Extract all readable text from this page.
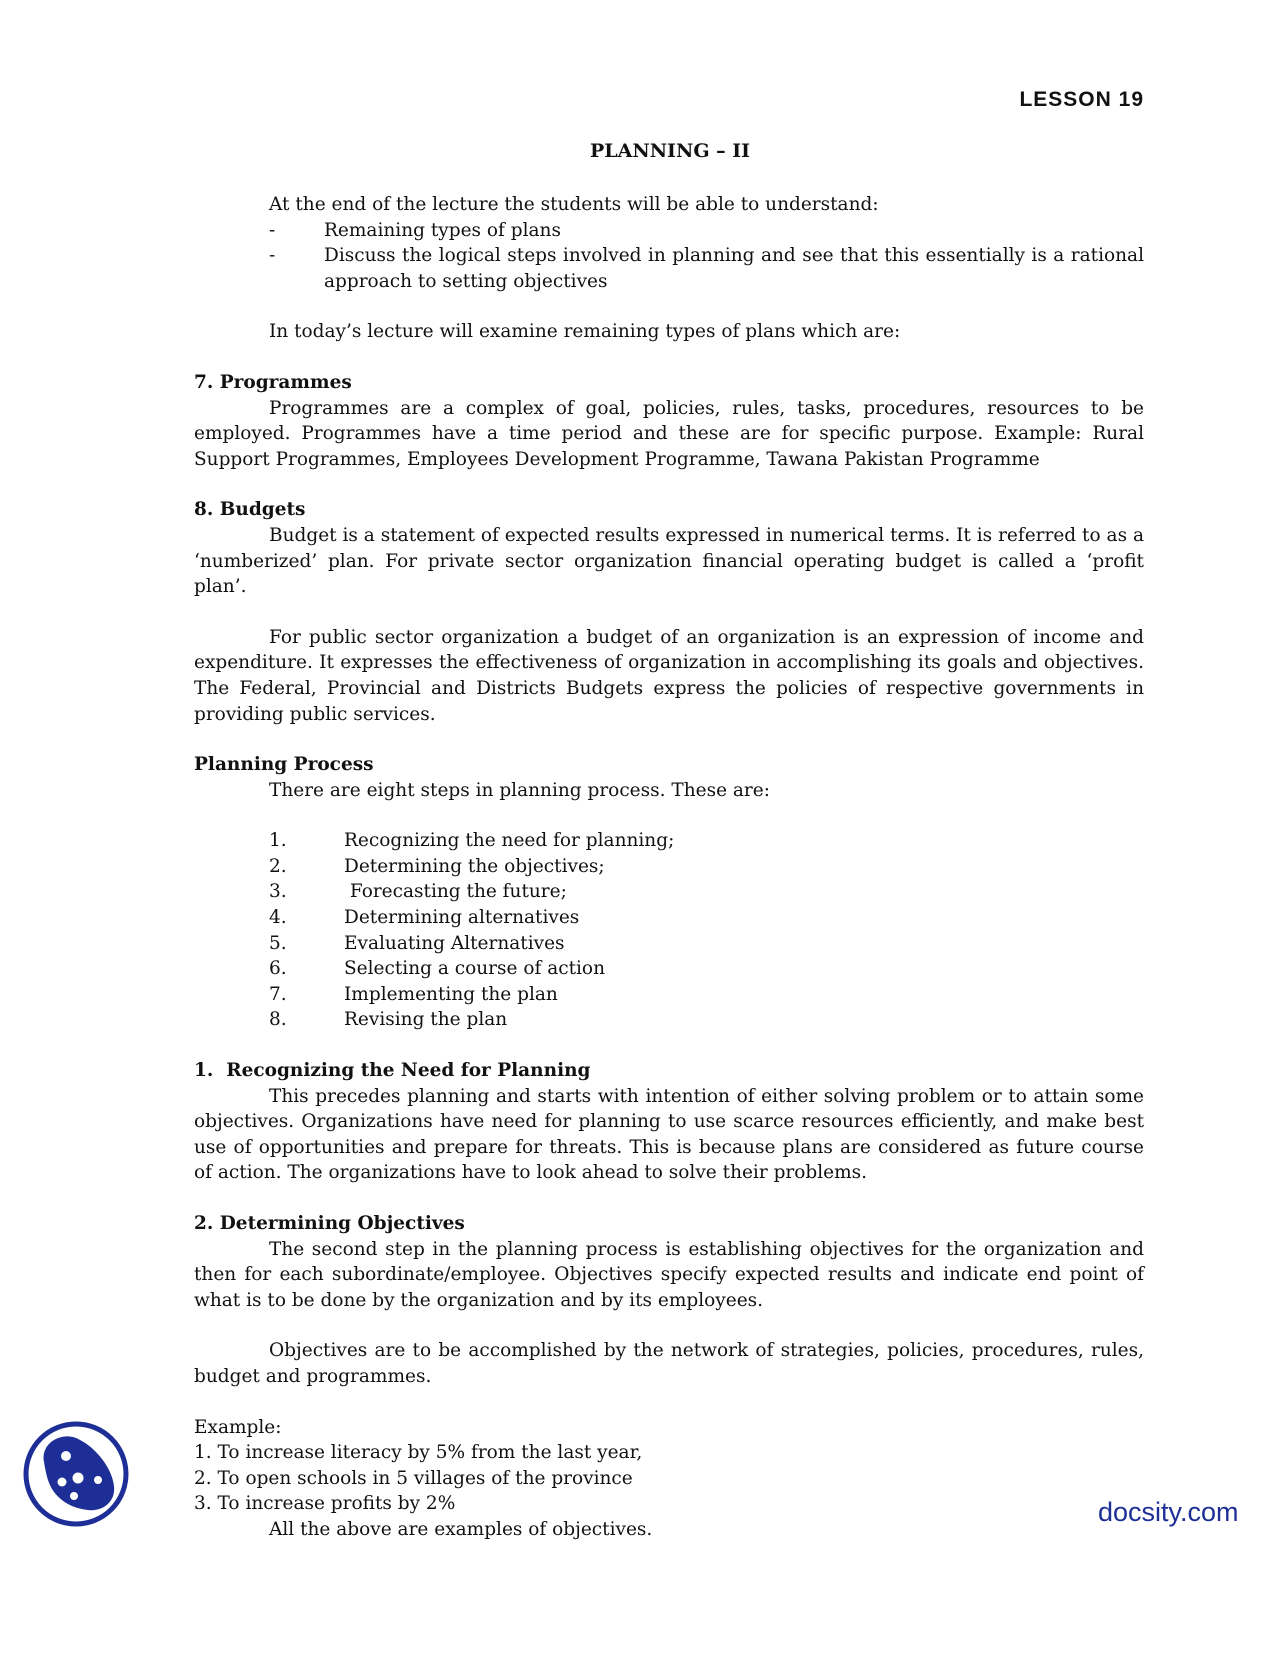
LESSON 19
PLANNING – II

At the end of the lecture the students will be able to understand:

-	Remaining types of plans
-	Discuss the logical steps involved in planning and see that this essentially is a rational approach to setting objectives

In today’s lecture will examine remaining types of plans which are:

7. Programmes

Programmes are a complex of goal, policies, rules, tasks, procedures, resources to be employed. Programmes have a time period and these are for specific purpose. Example: Rural Support Programmes, Employees Development Programme, Tawana Pakistan Programme

8. Budgets

Budget is a statement of expected results expressed in numerical terms. It is referred to as a ‘numberized’ plan. For private sector organization financial operating budget is called a ‘profit plan’.

For public sector organization a budget of an organization is an expression of income and expenditure. It expresses the effectiveness of organization in accomplishing its goals and objectives. The Federal, Provincial and Districts Budgets express the policies of respective governments in providing public services.

Planning Process

There are eight steps in planning process. These are:

1.	Recognizing the need for planning;
2.	Determining the objectives;
3.	Forecasting the future;
4.	Determining alternatives
5.	Evaluating Alternatives
6.	Selecting a course of action
7.	Implementing the plan
8.	Revising the plan

1.  Recognizing the Need for Planning

This precedes planning and starts with intention of either solving problem or to attain some objectives. Organizations have need for planning to use scarce resources efficiently, and make best use of opportunities and prepare for threats. This is because plans are considered as future course of action. The organizations have to look ahead to solve their problems.

2. Determining Objectives

The second step in the planning process is establishing objectives for the organization and then for each subordinate/employee. Objectives specify expected results and indicate end point of what is to be done by the organization and by its employees.

Objectives are to be accomplished by the network of strategies, policies, procedures, rules, budget and programmes.

Example:

1. To increase literacy by 5% from the last year,

2. To open schools in 5 villages of the province

3. To increase profits by 2%

All the above are examples of objectives.

docsity.com
